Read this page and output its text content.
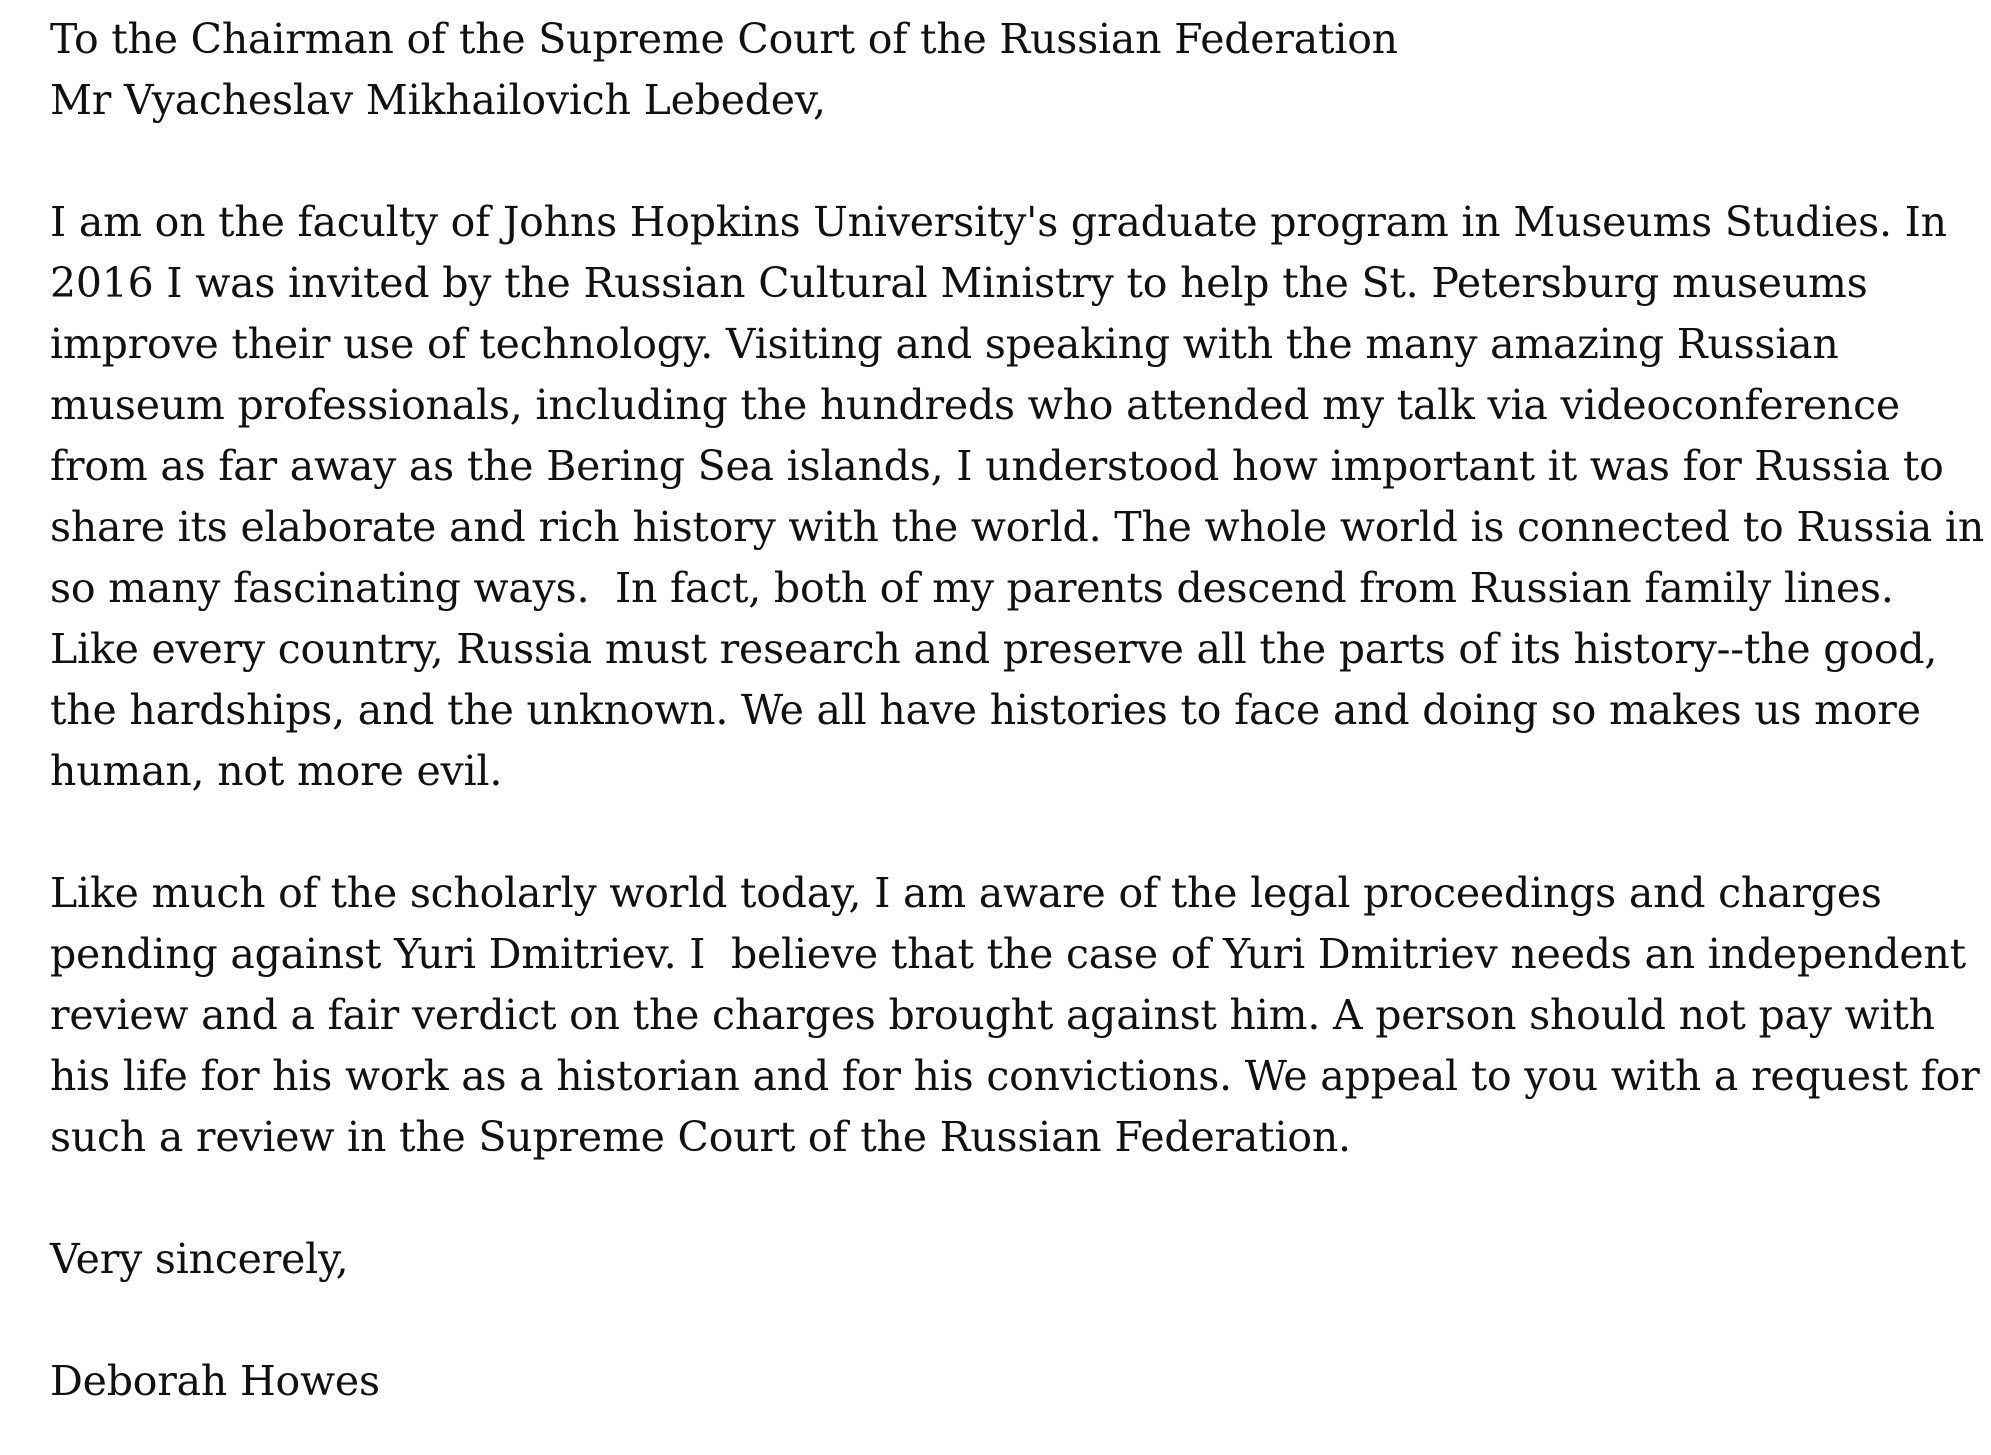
To the Chairman of the Supreme Court of the Russian Federation
Mr Vyacheslav Mikhailovich Lebedev,
I am on the faculty of Johns Hopkins University's graduate program in Museums Studies. In
2016 I was invited by the Russian Cultural Ministry to help the St. Petersburg museums
improve their use of technology. Visiting and speaking with the many amazing Russian
museum professionals, including the hundreds who attended my talk via videoconference
from as far away as the Bering Sea islands, I understood how important it was for Russia to
share its elaborate and rich history with the world. The whole world is connected to Russia in
so many fascinating ways.  In fact, both of my parents descend from Russian family lines.
Like every country, Russia must research and preserve all the parts of its history--the good,
the hardships, and the unknown. We all have histories to face and doing so makes us more
human, not more evil.
Like much of the scholarly world today, I am aware of the legal proceedings and charges
pending against Yuri Dmitriev. I  believe that the case of Yuri Dmitriev needs an independent
review and a fair verdict on the charges brought against him. A person should not pay with
his life for his work as a historian and for his convictions. We appeal to you with a request for
such a review in the Supreme Court of the Russian Federation.
Very sincerely,
Deborah Howes
